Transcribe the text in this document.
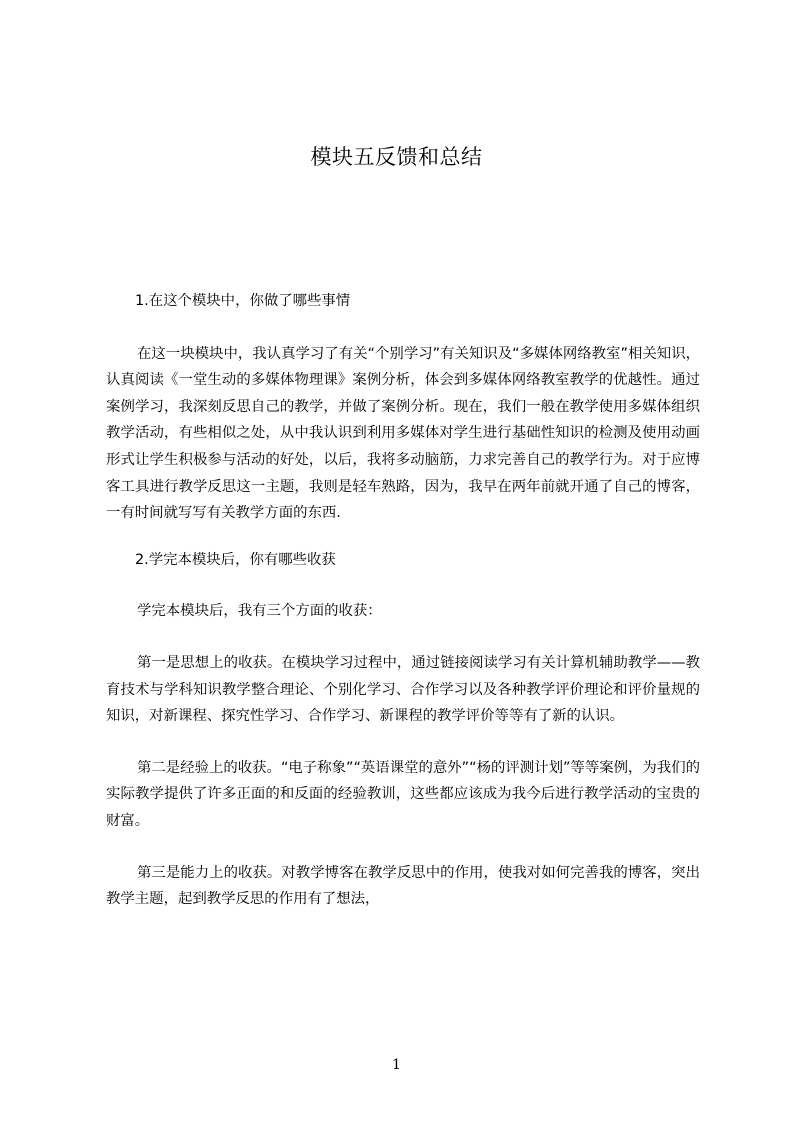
模块五反馈和总结

1.在这个模块中，你做了哪些事情

在这一块模块中，我认真学习了有关“个别学习”有关知识及“多媒体网络教室”相关知识，认真阅读《一堂生动的多媒体物理课》案例分析，体会到多媒体网络教室教学的优越性。通过案例学习，我深刻反思自己的教学，并做了案例分析。现在，我们一般在教学使用多媒体组织教学活动，有些相似之处，从中我认识到利用多媒体对学生进行基础性知识的检测及使用动画形式让学生积极参与活动的好处，以后，我将多动脑筋，力求完善自己的教学行为。对于应博客工具进行教学反思这一主题，我则是轻车熟路，因为，我早在两年前就开通了自己的博客，一有时间就写写有关教学方面的东西.

2.学完本模块后，你有哪些收获

学完本模块后，我有三个方面的收获：

第一是思想上的收获。在模块学习过程中，通过链接阅读学习有关计算机辅助教学——教育技术与学科知识教学整合理论、个别化学习、合作学习以及各种教学评价理论和评价量规的知识，对新课程、探究性学习、合作学习、新课程的教学评价等等有了新的认识。

第二是经验上的收获。“电子称象”“英语课堂的意外”“杨的评测计划”等等案例，为我们的实际教学提供了许多正面的和反面的经验教训，这些都应该成为我今后进行教学活动的宝贵的财富。

第三是能力上的收获。对教学博客在教学反思中的作用，使我对如何完善我的博客，突出教学主题，起到教学反思的作用有了想法，

1
